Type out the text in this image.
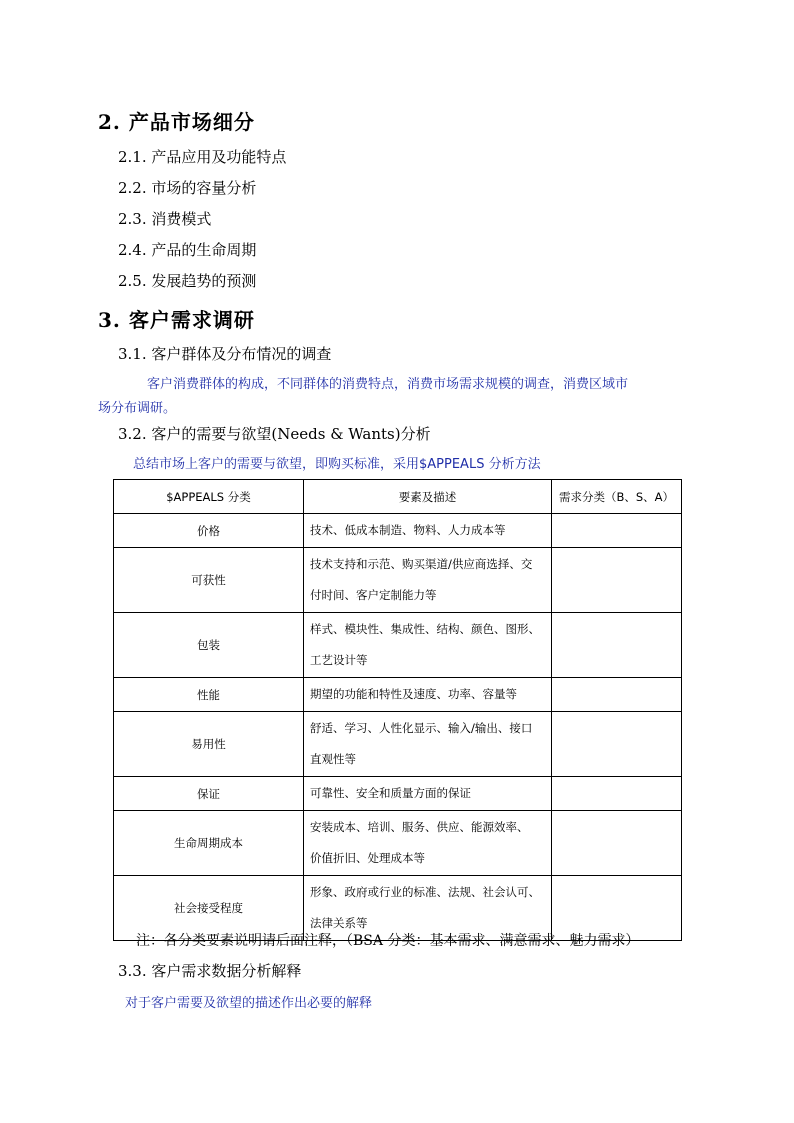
2. 产品市场细分
2.1. 产品应用及功能特点
2.2. 市场的容量分析
2.3. 消费模式
2.4. 产品的生命周期
2.5. 发展趋势的预测
3. 客户需求调研
3.1. 客户群体及分布情况的调查
客户消费群体的构成，不同群体的消费特点，消费市场需求规模的调查，消费区域市
场分布调研。
3.2. 客户的需要与欲望(Needs & Wants)分析
总结市场上客户的需要与欲望，即购买标准，采用$APPEALS 分析方法
$APPEALS 分类	要素及描述	需求分类（B、S、A）
价格	技术、低成本制造、物料、人力成本等	
可获性	技术支持和示范、购买渠道/供应商选择、交
付时间、客户定制能力等	

包装	样式、模块性、集成性、结构、颜色、图形、
工艺设计等	

性能	期望的功能和特性及速度、功率、容量等	
易用性	舒适、学习、人性化显示、输入/输出、接口
直观性等	

保证	可靠性、安全和质量方面的保证	
生命周期成本	安装成本、培训、服务、供应、能源效率、
价值折旧、处理成本等	

社会接受程度	形象、政府或行业的标准、法规、社会认可、
法律关系等	

注：各分类要素说明请后面注释，（BSA 分类：基本需求、满意需求、魅力需求）
3.3. 客户需求数据分析解释
对于客户需要及欲望的描述作出必要的解释
